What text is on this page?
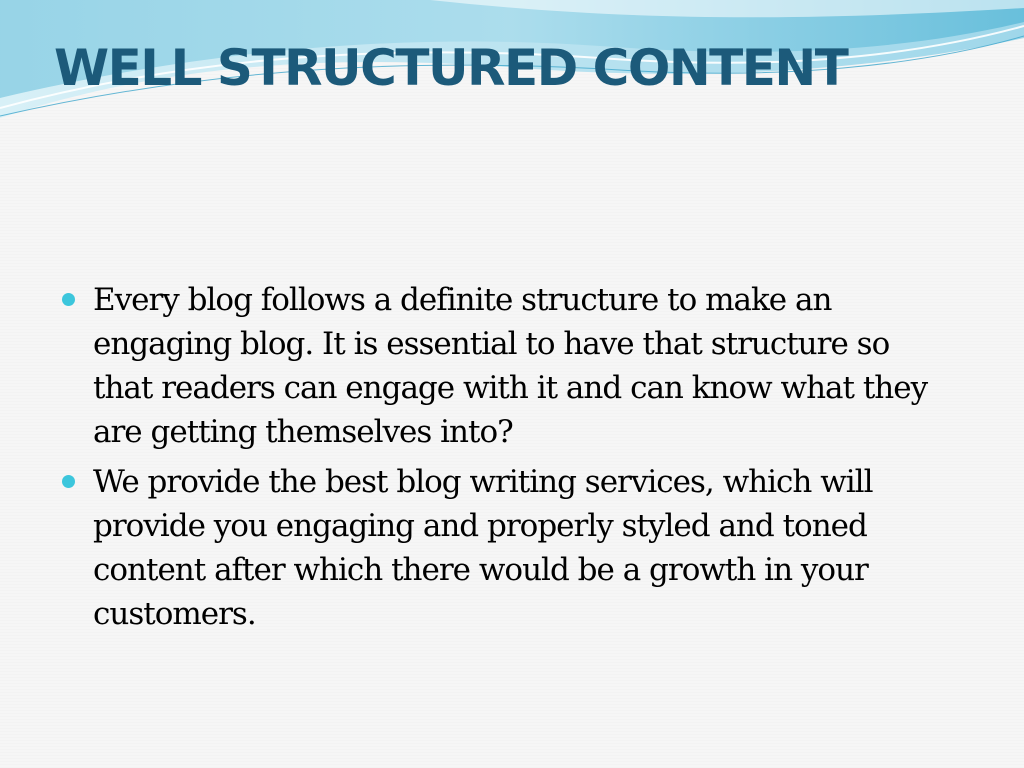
WELL STRUCTURED CONTENT
Every blog follows a definite structure to make an engaging blog. It is essential to have that structure so that readers can engage with it and can know what they are getting themselves into?
We provide the best blog writing services, which will provide you engaging and properly styled and toned content after which there would be a growth in your customers.
